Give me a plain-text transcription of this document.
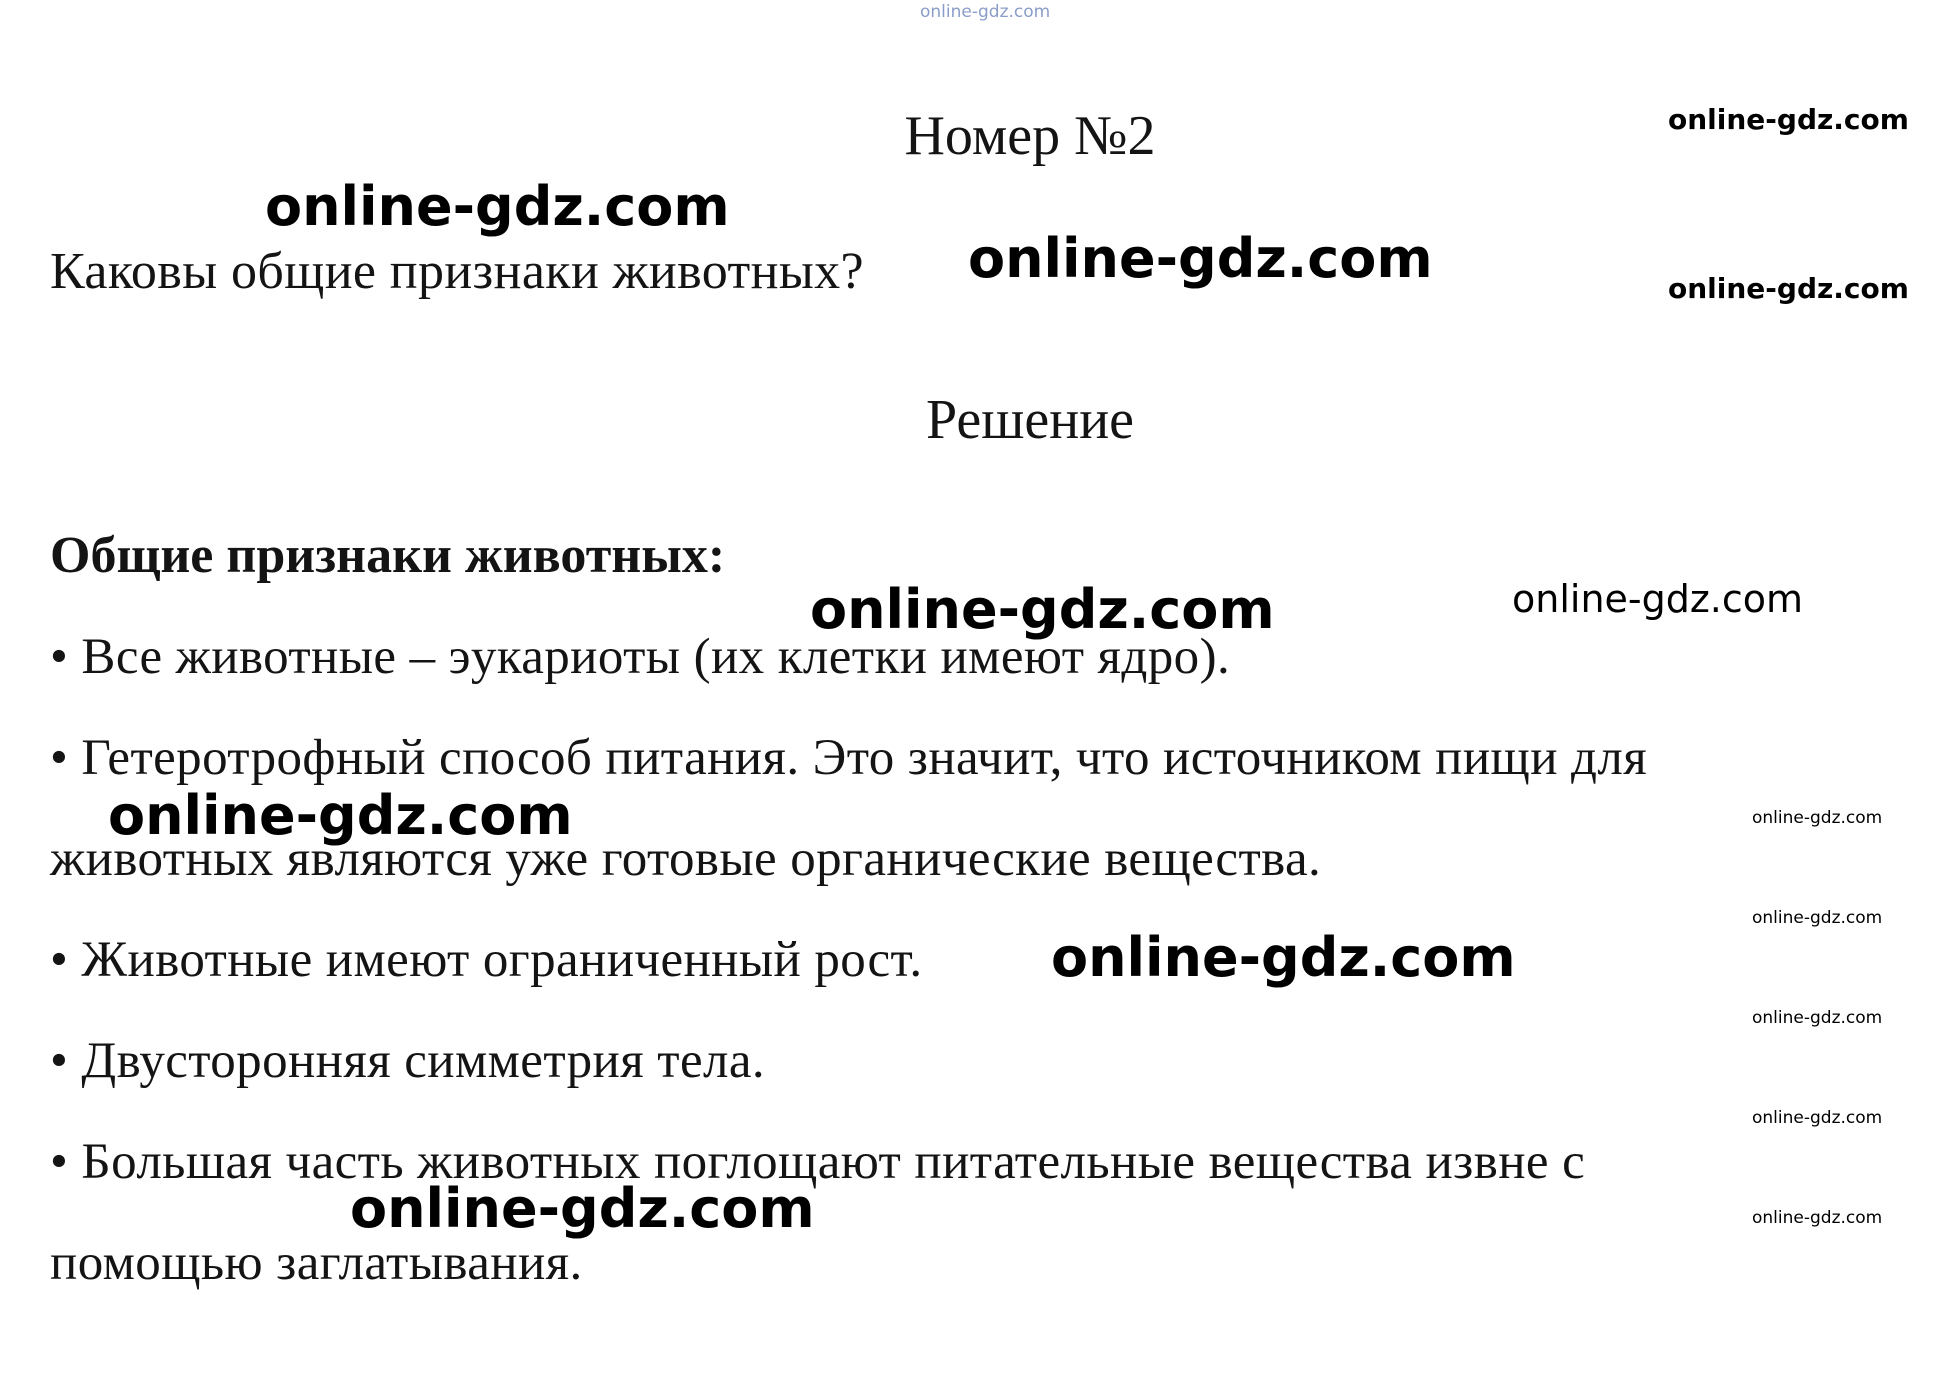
online-gdz.com
Номер №2
Каковы общие признаки животных?
Решение
Общие признаки животных:
• Все животные – эукариоты (их клетки имеют ядро).
• Гетеротрофный способ питания. Это значит, что источником пищи для
животных являются уже готовые органические вещества.
• Животные имеют ограниченный рост.
• Двусторонняя симметрия тела.
• Большая часть животных поглощают питательные вещества извне с
помощью заглатывания.
online-gdz.com
online-gdz.com
online-gdz.com
online-gdz.com
online-gdz.com
online-gdz.com
online-gdz.com
online-gdz.com
online-gdz.com
online-gdz.com
online-gdz.com
online-gdz.com
online-gdz.com
online-gdz.com
